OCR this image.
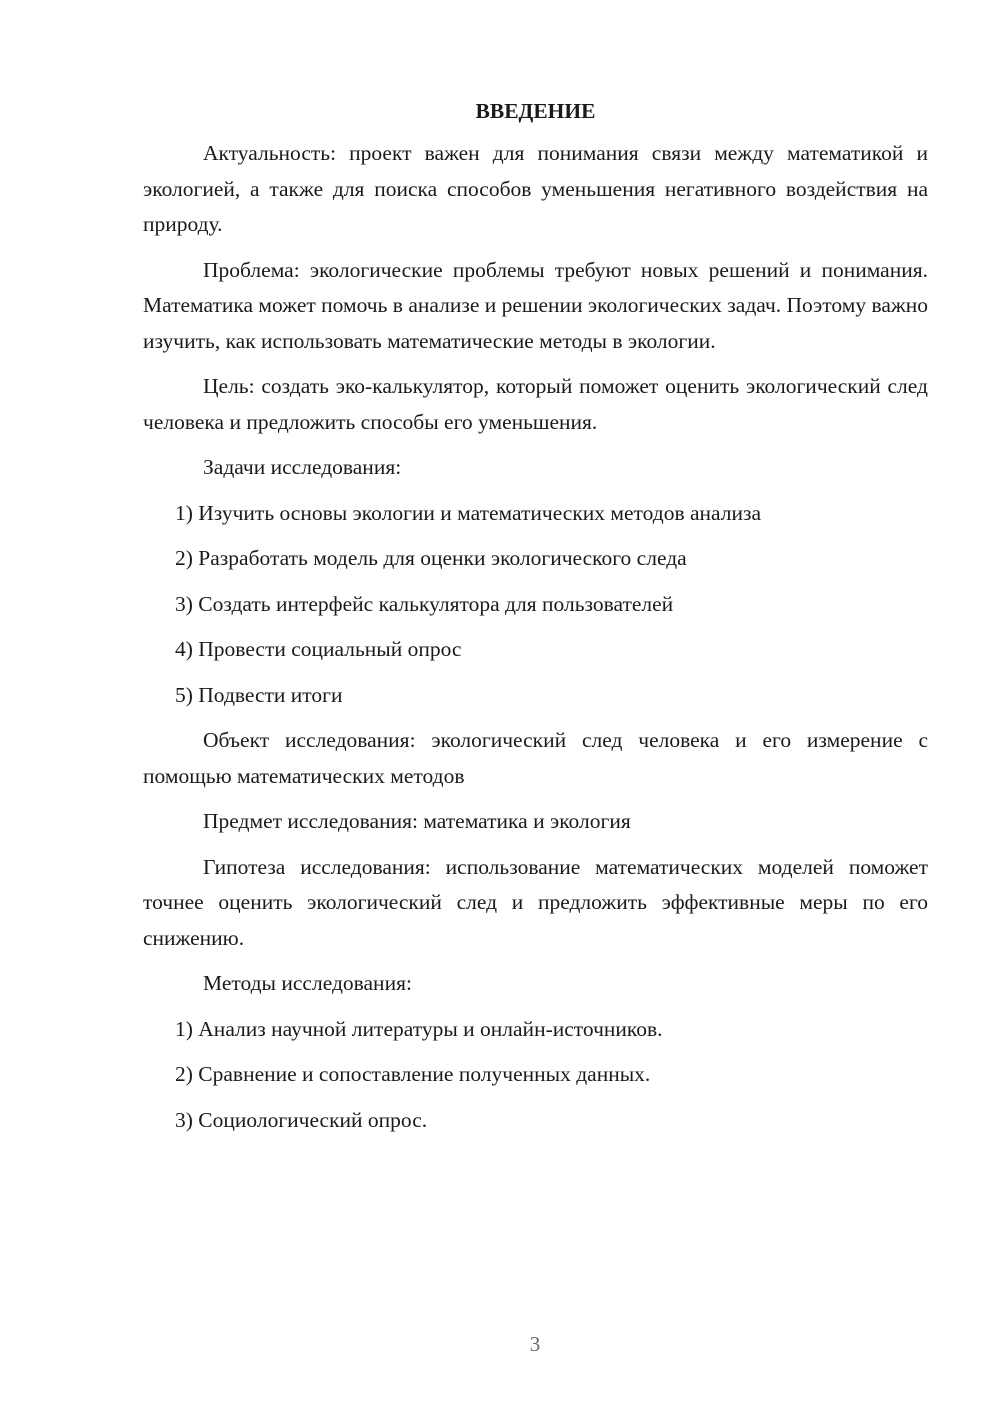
ВВЕДЕНИЕ

Актуальность: проект важен для понимания связи между математикой и экологией, а также для поиска способов уменьшения негативного воздействия на природу.

Проблема: экологические проблемы требуют новых решений и понимания. Математика может помочь в анализе и решении экологических задач. Поэтому важно изучить, как использовать математические методы в экологии.

Цель: создать эко-калькулятор, который поможет оценить экологический след человека и предложить способы его уменьшения.

Задачи исследования:

1) Изучить основы экологии и математических методов анализа
2) Разработать модель для оценки экологического следа
3) Создать интерфейс калькулятора для пользователей
4) Провести социальный опрос
5) Подвести итоги

Объект исследования: экологический след человека и его измерение с помощью математических методов

Предмет исследования: математика и экология

Гипотеза исследования: использование математических моделей поможет точнее оценить экологический след и предложить эффективные меры по его снижению.

Методы исследования:

1) Анализ научной литературы и онлайн-источников.
2) Сравнение и сопоставление полученных данных.
3) Социологический опрос.
3
